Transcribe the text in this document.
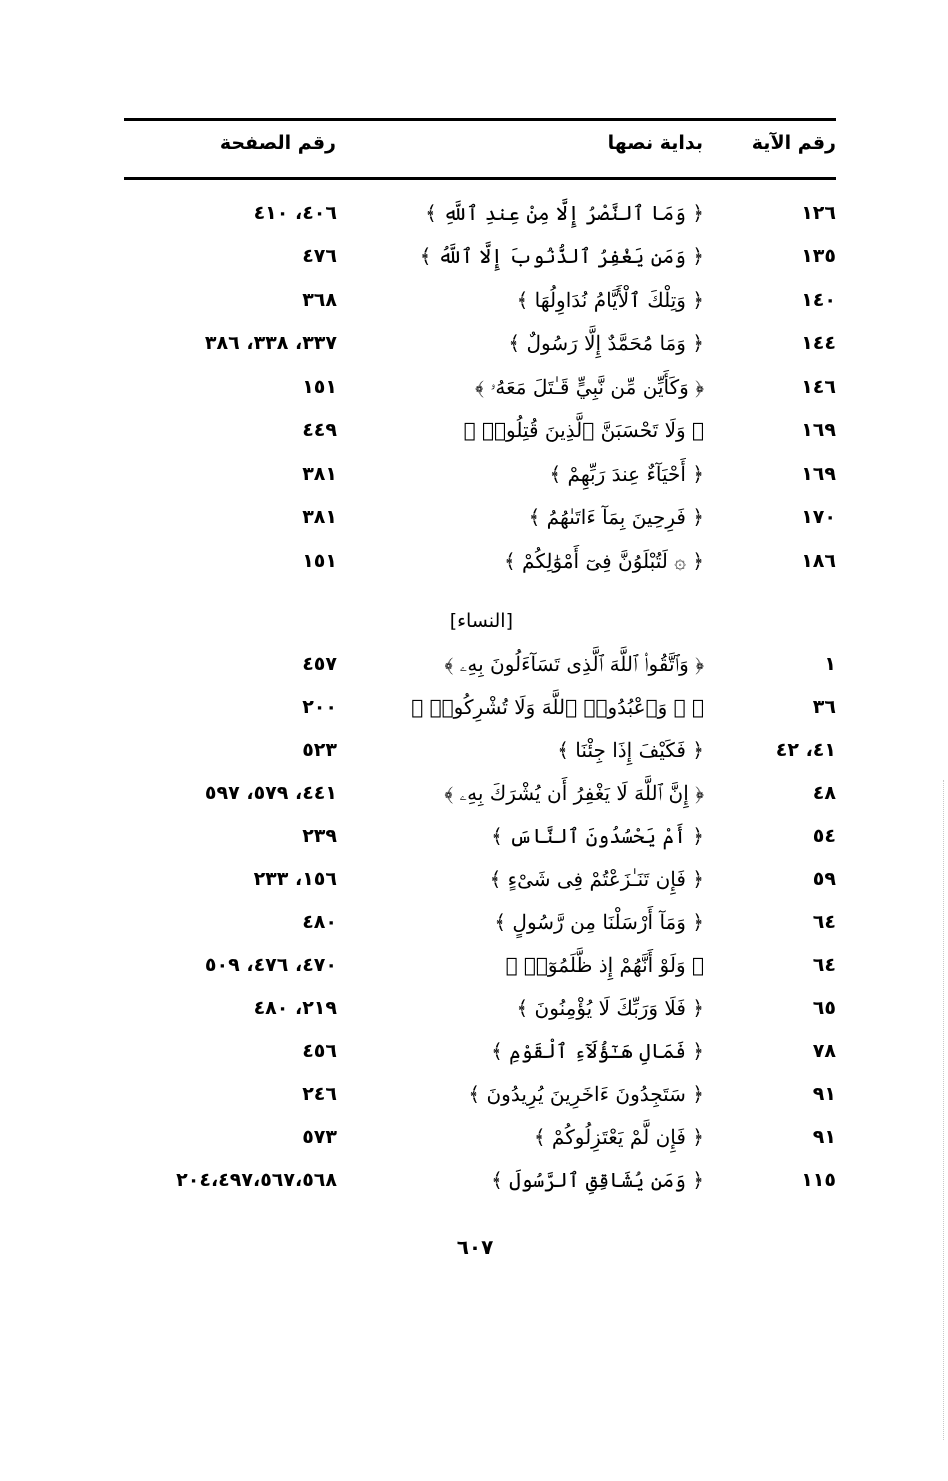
رقم الآية
بداية نصها
رقم الصفحة
١٢٦
﴿ وَمَا ٱلنَّصْرُ إِلَّا مِنْ عِندِ ٱللَّهِ ﴾
٤٠٦، ٤١٠
١٣٥
﴿ وَمَن يَغْفِرُ ٱلذُّنُوبَ إِلَّا ٱللَّهُ ﴾
٤٧٦
١٤٠
﴿ وَتِلْكَ ٱلْأَيَّامُ نُدَاوِلُهَا ﴾
٣٦٨
١٤٤
﴿ وَمَا مُحَمَّدٌ إِلَّا رَسُولٌ ﴾
٣٣٧، ٣٣٨، ٣٨٦
١٤٦
﴿ وَكَأَيِّن مِّن نَّبِيٍّ قَـٰتَلَ مَعَهُۥ ﴾
١٥١
١٦٩
﴿ وَلَا تَحْسَبَنَّ ٱلَّذِينَ قُتِلُوا۟ ﴾
٤٤٩
١٦٩
﴿ أَحْيَآءٌ عِندَ رَبِّهِمْ ﴾
٣٨١
١٧٠
﴿ فَرِحِينَ بِمَآ ءَاتَىٰهُمُ ﴾
٣٨١
١٨٦
﴿ ۞ لَتُبْلَوُنَّ فِىٓ أَمْوَٰلِكُمْ ﴾
١٥١
[النساء]
١
﴿ وَٱتَّقُوا۟ ٱللَّهَ ٱلَّذِى تَسَآءَلُونَ بِهِۦ ﴾
٤٥٧
٣٦
﴿ ۞ وَٱعْبُدُوا۟ ٱللَّهَ وَلَا تُشْرِكُوا۟ ﴾
٢٠٠
٤١، ٤٢
﴿ فَكَيْفَ إِذَا جِئْنَا ﴾
٥٢٣
٤٨
﴿ إِنَّ ٱللَّهَ لَا يَغْفِرُ أَن يُشْرَكَ بِهِۦ ﴾
٤٤١، ٥٧٩، ٥٩٧
٥٤
﴿ أَمْ يَحْسُدُونَ ٱلنَّاسَ ﴾
٢٣٩
٥٩
﴿ فَإِن تَنَـٰزَعْتُمْ فِى شَىْءٍ ﴾
١٥٦، ٢٣٣
٦٤
﴿ وَمَآ أَرْسَلْنَا مِن رَّسُولٍ ﴾
٤٨٠
٦٤
﴿ وَلَوْ أَنَّهُمْ إِذ ظَّلَمُوٓا۟ ﴾
٤٧٠، ٤٧٦، ٥٠٩
٦٥
﴿ فَلَا وَرَبِّكَ لَا يُؤْمِنُونَ ﴾
٢١٩، ٤٨٠
٧٨
﴿ فَمَالِ هَـٰٓؤُلَآءِ ٱلْقَوْمِ ﴾
٤٥٦
٩١
﴿ سَتَجِدُونَ ءَاخَرِينَ يُرِيدُونَ ﴾
٢٤٦
٩١
﴿ فَإِن لَّمْ يَعْتَزِلُوكُمْ ﴾
٥٧٣
١١٥
﴿ وَمَن يُشَاقِقِ ٱلرَّسُولَ ﴾
٢٠٤،٤٩٧،٥٦٧،٥٦٨
٦٠٧
